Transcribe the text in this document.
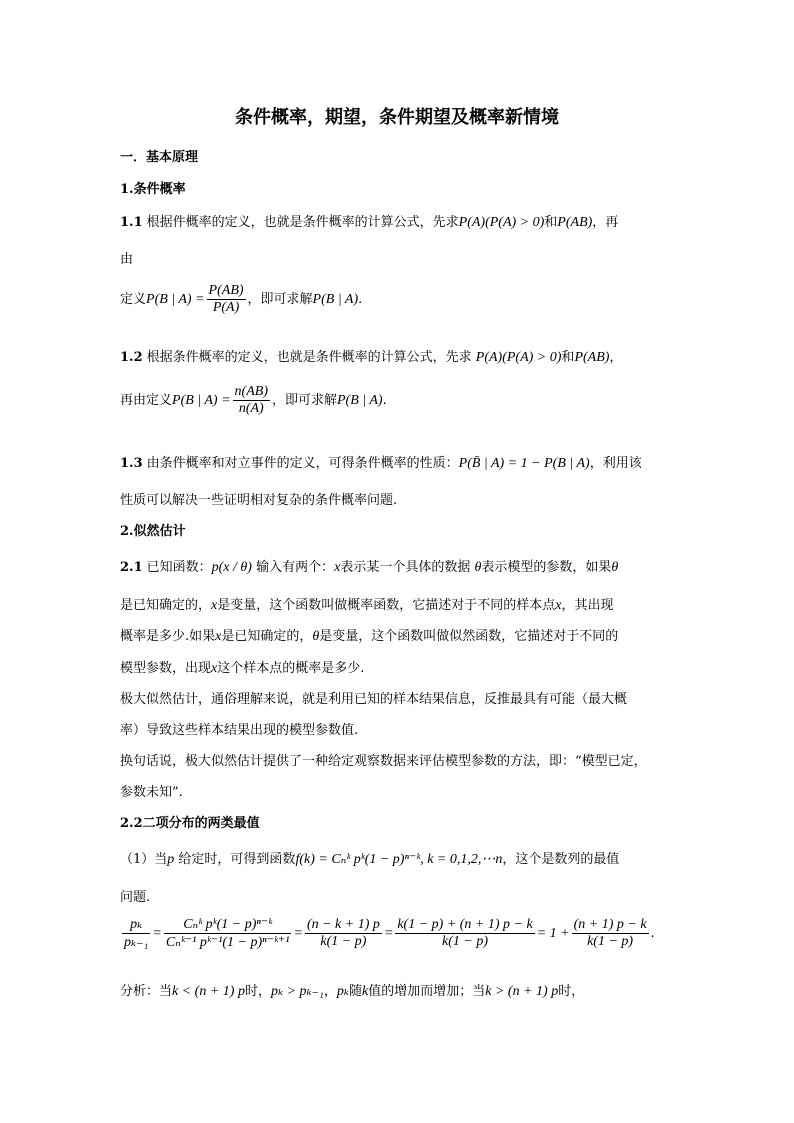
条件概率，期望，条件期望及概率新情境
一．基本原理
1.条件概率
1.1 根据件概率的定义，也就是条件概率的计算公式，先求P(A)(P(A) > 0)和P(AB)，再
由
定义P(B | $A) = \frac{P(AB)}{P(A)}$ ，即可求解P(B | A).
1.2 根据条件概率的定义，也就是条件概率的计算公式，先求 P(A)(P(A) > 0)和P(AB)，
再由定义P(B | $A) = \frac{n(AB)}{n(A)}$ ，即可求解P(B | A).
1.3 由条件概率和对立事件的定义，可得条件概率的性质：P(B̄ | A) = 1 − P(B | A)，利用该
性质可以解决一些证明相对复杂的条件概率问题.
2.似然估计
2.1 已知函数：p(x / θ) 输入有两个：x表示某一个具体的数据 θ表示模型的参数，如果θ
是已知确定的，x是变量，这个函数叫做概率函数，它描述对于不同的样本点x，其出现
概率是多少.如果x是已知确定的，θ是变量，这个函数叫做似然函数，它描述对于不同的
模型参数，出现x这个样本点的概率是多少.
极大似然估计，通俗理解来说，就是利用已知的样本结果信息，反推最具有可能（最大概
率）导致这些样本结果出现的模型参数值.
换句话说，极大似然估计提供了一种给定观察数据来评估模型参数的方法，即：“模型已定，
参数未知”.
2.2二项分布的两类最值
（1）当p 给定时，可得到函数f(k) = Cₙᵏ pᵏ(1 − p)ⁿ⁻ᵏ, k = 0,1,2,⋯n，这个是数列的最值
问题.
$\frac{\text{pₖ}}{\text{pₖ₋₁}} = \frac{\text{Cₙᵏ pᵏ(1 − p)ⁿ⁻ᵏ}}{\text{Cₙᵏ⁻¹ pᵏ⁻¹(1 − p)ⁿ⁻ᵏ⁺¹}} = \frac{(n - k + 1) p}{k(1 - p)} = \frac{k(1 - p) + (n + 1) p - k}{k(1 - p)} = 1 + \frac{(n + 1) p - k}{k(1 - p)}$ .
分析：当k < (n + 1) p时，pₖ > pₖ₋₁，pₖ随k值的增加而增加；当k > (n + 1) p时，
